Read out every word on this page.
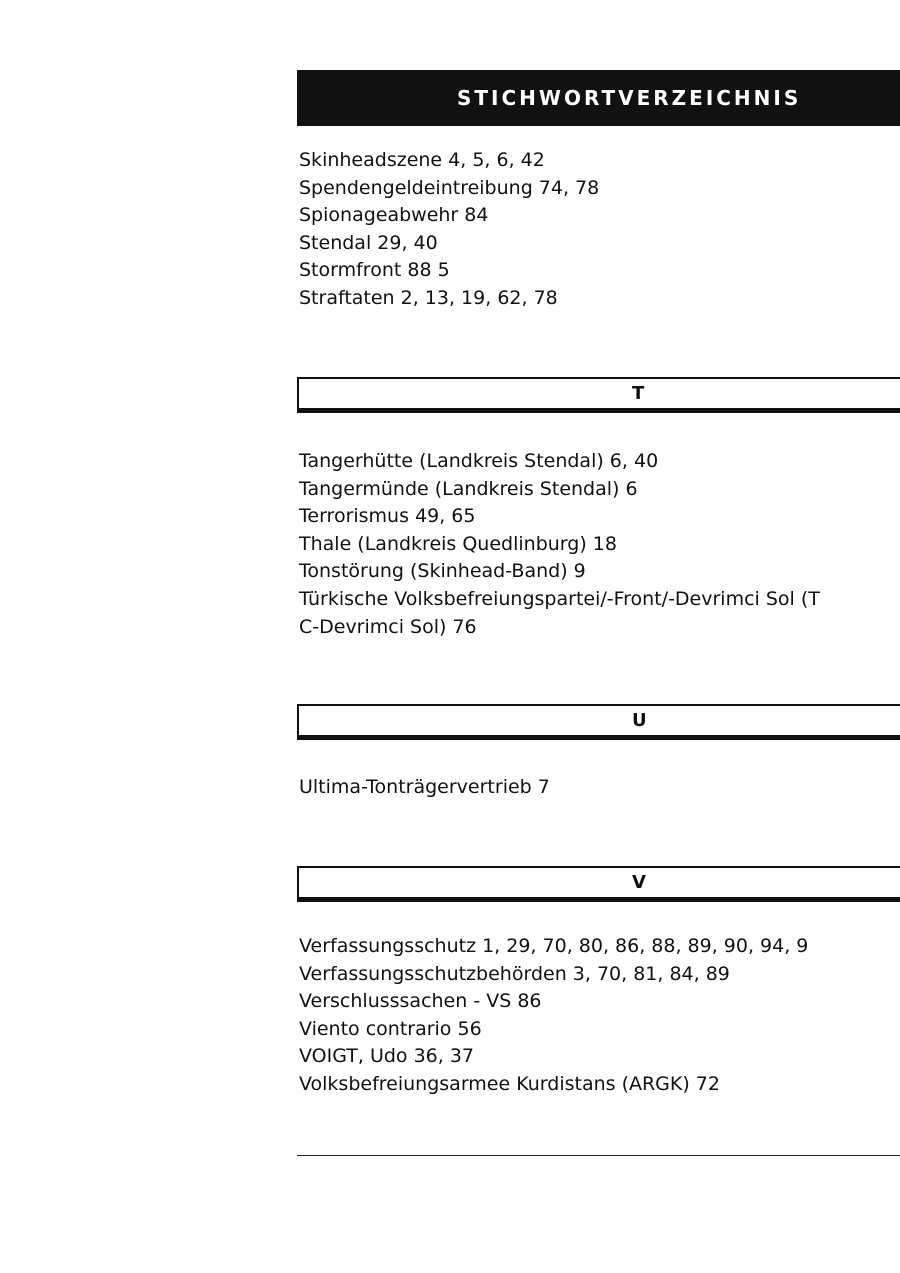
STICHWORTVERZEICHNIS
Skinheadszene 4, 5, 6, 42
Spendengeldeintreibung 74, 78
Spionageabwehr 84
Stendal 29, 40
Stormfront 88 5
Straftaten 2, 13, 19, 62, 78
T
Tangerhütte (Landkreis Stendal) 6, 40
Tangermünde (Landkreis Stendal) 6
Terrorismus 49, 65
Thale (Landkreis Quedlinburg) 18
Tonstörung (Skinhead-Band) 9
Türkische Volksbefreiungspartei/-Front/-Devrimci Sol (T
C-Devrimci Sol) 76
U
Ultima-Tonträgervertrieb 7
V
Verfassungsschutz 1, 29, 70, 80, 86, 88, 89, 90, 94, 9
Verfassungsschutzbehörden 3, 70, 81, 84, 89
Verschlusssachen - VS 86
Viento contrario 56
VOIGT, Udo 36, 37
Volksbefreiungsarmee Kurdistans (ARGK) 72
